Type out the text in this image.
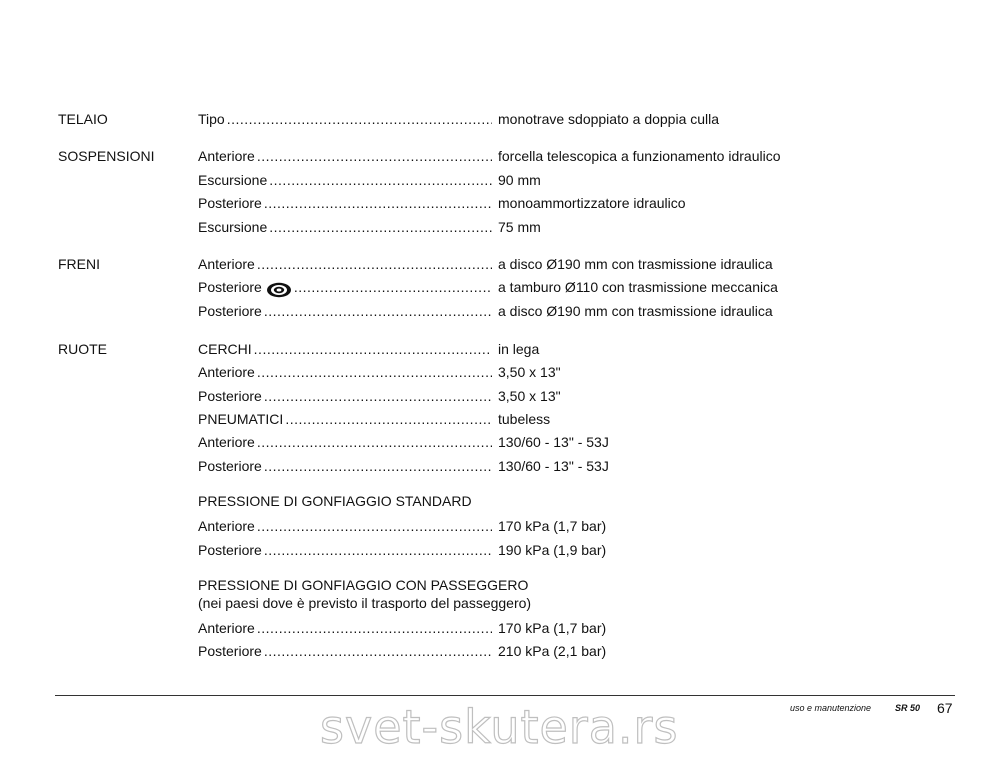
TELAIO	Tipo .....	monotrave sdoppiato a doppia culla
SOSPENSIONI	Anteriore .....	forcella telescopica a funzionamento idraulico
Escursione .....	90 mm
Posteriore .....	monoammortizzatore idraulico
Escursione .....	75 mm
FRENI	Anteriore .....	a disco Ø190 mm con trasmissione idraulica
Posteriore .....	a tamburo Ø110 con trasmissione meccanica
Posteriore .....	a disco Ø190 mm con trasmissione idraulica
RUOTE	CERCHI .....	in lega
Anteriore .....	3,50 x 13"
Posteriore .....	3,50 x 13"
PNEUMATICI .....	tubeless
Anteriore .....	130/60 - 13" - 53J
Posteriore .....	130/60 - 13" - 53J
PRESSIONE DI GONFIAGGIO STANDARD
Anteriore .....	170 kPa (1,7 bar)
Posteriore .....	190 kPa (1,9 bar)
PRESSIONE DI GONFIAGGIO CON PASSEGGERO
(nei paesi dove è previsto il trasporto del passeggero)
Anteriore .....	170 kPa (1,7 bar)
Posteriore .....	210 kPa (2,1 bar)
uso e manutenzione	SR 50 67
svet-skutera.rs
